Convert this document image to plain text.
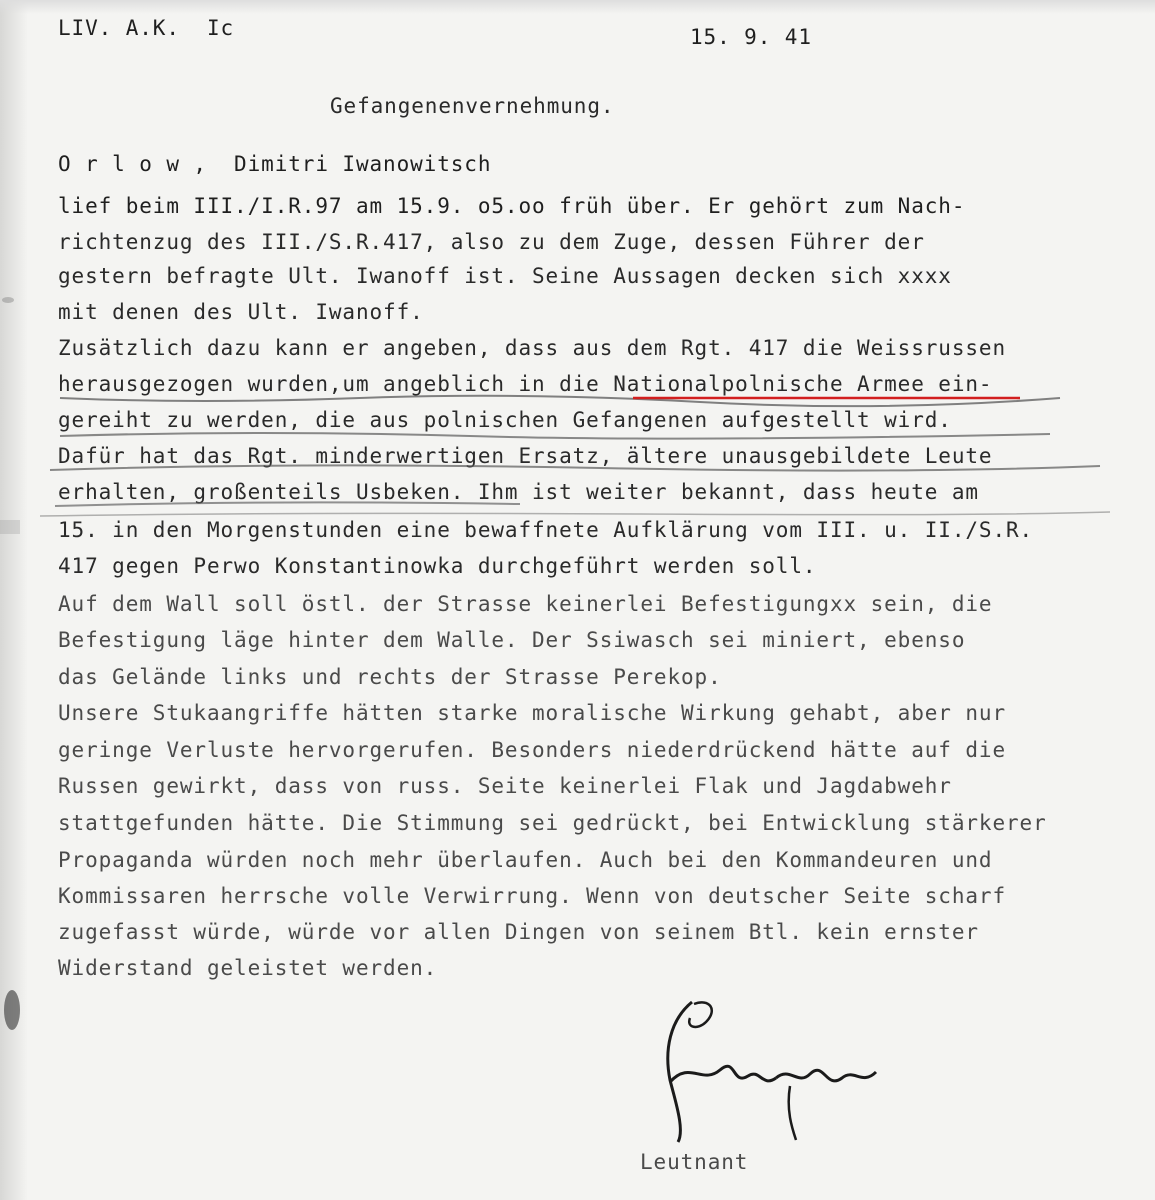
LIV. A.K.  Ic	15. 9. 41
Gefangenenvernehmung.
O r l o w ,  Dimitri Iwanowitsch
lief beim III./I.R.97 am 15.9. o5.oo früh über. Er gehört zum Nach-
richtenzug des III./S.R.417, also zu dem Zuge, dessen Führer der
gestern befragte Ult. Iwanoff ist. Seine Aussagen decken sich xxxx
mit denen des Ult. Iwanoff.
Zusätzlich dazu kann er angeben, dass aus dem Rgt. 417 die Weissrussen
herausgezogen wurden,um angeblich in die Nationalpolnische Armee ein-
gereiht zu werden, die aus polnischen Gefangenen aufgestellt wird.
Dafür hat das Rgt. minderwertigen Ersatz, ältere unausgebildete Leute
erhalten, großenteils Usbeken. Ihm ist weiter bekannt, dass heute am
15. in den Morgenstunden eine bewaffnete Aufklärung vom III. u. II./S.R.
417 gegen Perwo Konstantinowka durchgeführt werden soll.
Auf dem Wall soll östl. der Strasse keinerlei Befestigungxx sein, die
Befestigung läge hinter dem Walle. Der Ssiwasch sei miniert, ebenso
das Gelände links und rechts der Strasse Perekop.
Unsere Stukaangriffe hätten starke moralische Wirkung gehabt, aber nur
geringe Verluste hervorgerufen. Besonders niederdrückend hätte auf die
Russen gewirkt, dass von russ. Seite keinerlei Flak und Jagdabwehr
stattgefunden hätte. Die Stimmung sei gedrückt, bei Entwicklung stärkerer
Propaganda würden noch mehr überlaufen. Auch bei den Kommandeuren und
Kommissaren herrsche volle Verwirrung. Wenn von deutscher Seite scharf
zugefasst würde, würde vor allen Dingen von seinem Btl. kein ernster
Widerstand geleistet werden.
Leutnant
